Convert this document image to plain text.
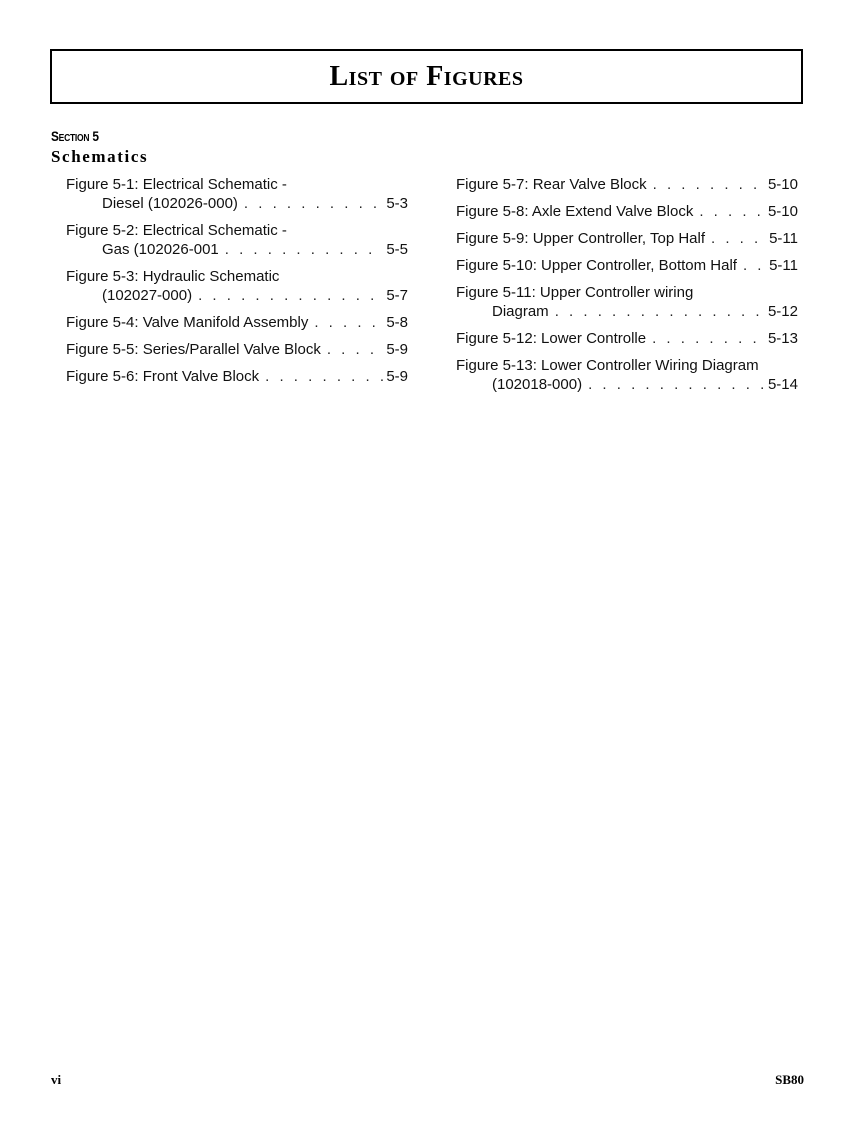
List of Figures
Section 5
Schematics
Figure 5-1: Electrical Schematic -
Diesel (102026-000) . . .	5-3
Figure 5-2: Electrical Schematic -
Gas (102026-001 . . .	5-5
Figure 5-3: Hydraulic Schematic
(102027-000) . . .	5-7
Figure 5-4: Valve Manifold Assembly . . .	5-8
Figure 5-5: Series/Parallel Valve Block . . .	5-9
Figure 5-6: Front Valve Block . . .	5-9
Figure 5-7: Rear Valve Block . . .	5-10
Figure 5-8: Axle Extend Valve Block . . .	5-10
Figure 5-9: Upper Controller, Top Half . . .	5-11
Figure 5-10: Upper Controller, Bottom Half . . . 5-11
Figure 5-11: Upper Controller wiring
Diagram . . .	5-12
Figure 5-12: Lower Controlle . . .	5-13
Figure 5-13: Lower Controller Wiring Diagram
(102018-000) . . .	5-14
vi	SB80
